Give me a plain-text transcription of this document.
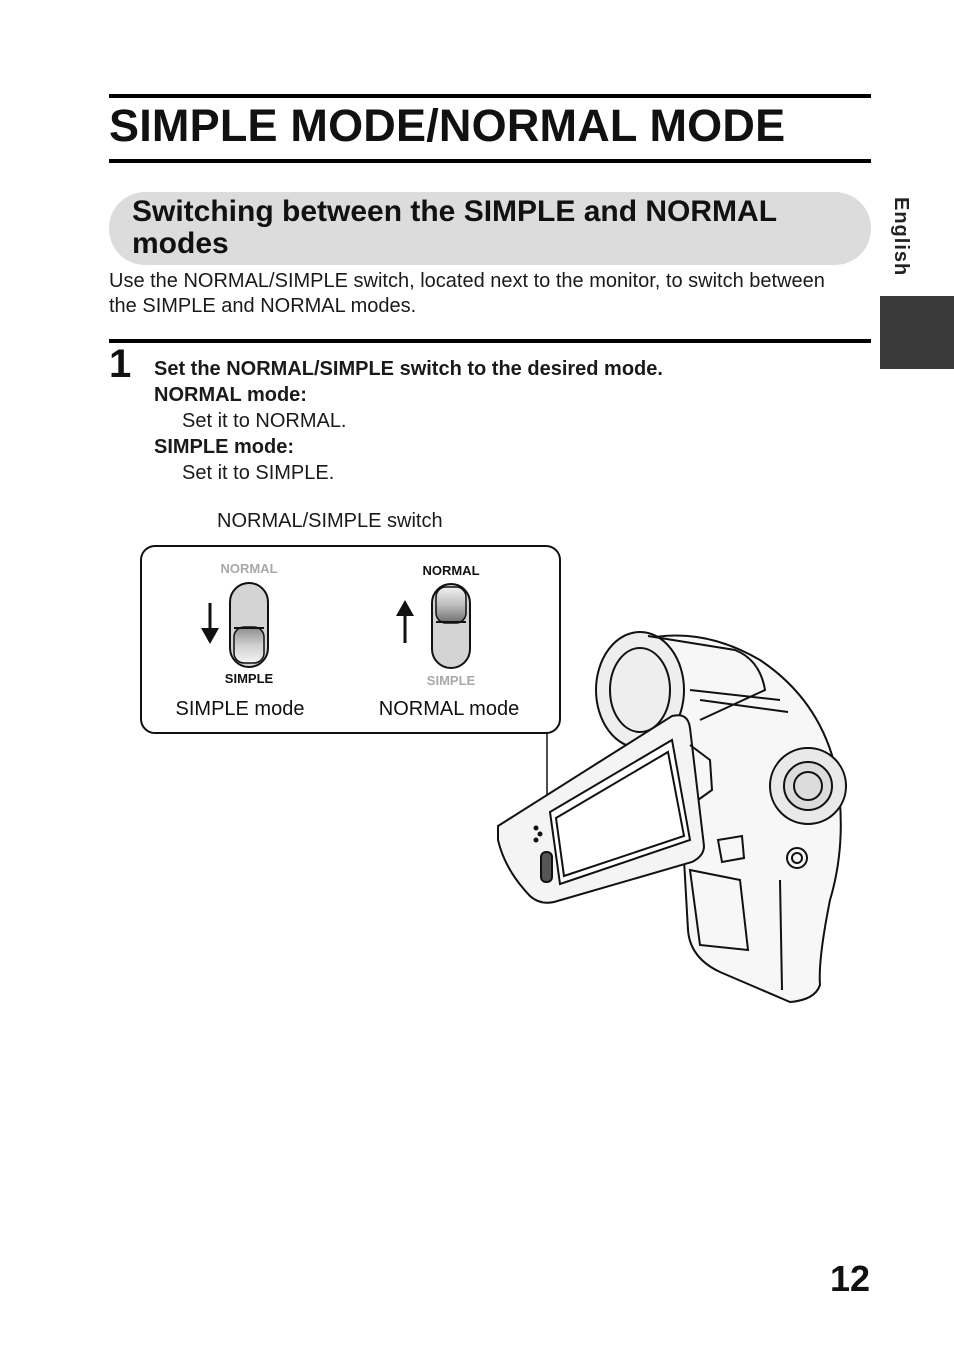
SIMPLE MODE/NORMAL MODE
Switching between the SIMPLE and NORMAL modes

Use the NORMAL/SIMPLE switch, located next to the monitor, to switch between the SIMPLE and NORMAL modes.

1 Set the NORMAL/SIMPLE switch to the desired mode.
NORMAL mode:
Set it to NORMAL.
SIMPLE mode:
Set it to SIMPLE.
English
NORMAL/SIMPLE switch
NORMAL
SIMPLE
SIMPLE mode
NORMAL
SIMPLE
NORMAL mode
12
